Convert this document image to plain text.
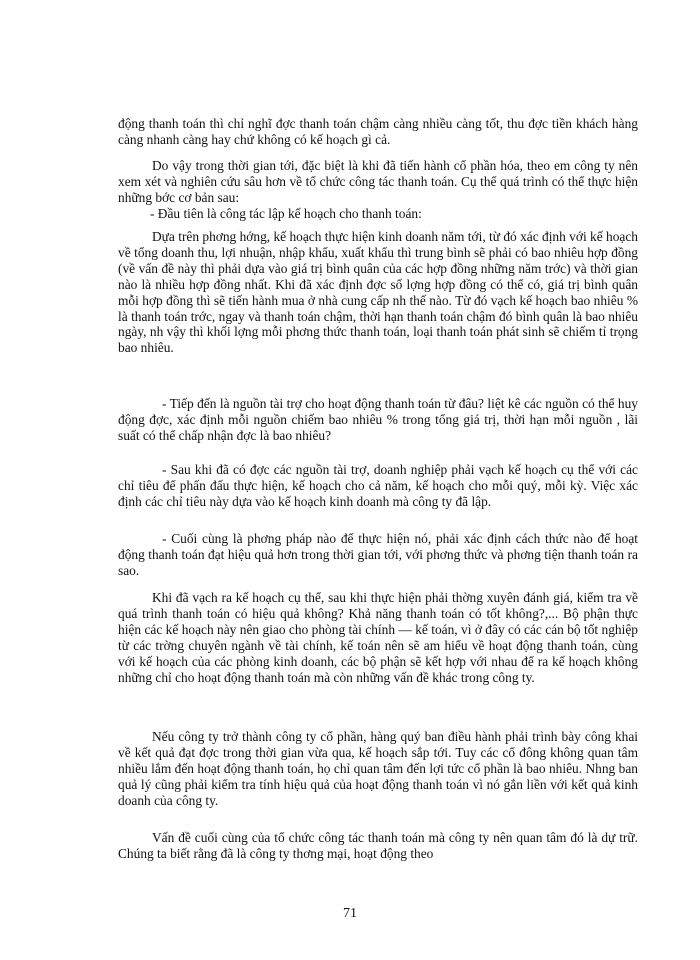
động thanh toán thì chỉ nghĩ đợc thanh toán chậm càng nhiều càng tốt, thu đợc tiền khách hàng càng nhanh càng hay chứ không có kế hoạch gì cả.

Do vậy trong thời gian tới, đặc biệt là khi đã tiến hành cổ phần hóa, theo em công ty nên xem xét và nghiên cứu sâu hơn về tổ chức công tác thanh toán. Cụ thể quá trình có thể thực hiện những bớc cơ bản sau:

- Đầu tiên là công tác lập kế hoạch cho thanh toán:

Dựa trên phơng hớng, kế hoạch thực hiện kinh doanh năm tới, từ đó xác định với kế hoạch về tổng doanh thu, lợi nhuận, nhập khẩu, xuất khẩu thì trung bình sẽ phải có bao nhiêu hợp đồng (về vấn đề này thì phải dựa vào giá trị bình quân của các hợp đồng những năm trớc) và thời gian nào là nhiều hợp đồng nhất. Khi đã xác định đợc số lợng hợp đồng có thể có, giá trị bình quân mỗi hợp đồng thì sẽ tiến hành mua ở nhà cung cấp nh thế nào. Từ đó vạch kế hoạch bao nhiêu % là thanh toán trớc, ngay và thanh toán chậm, thời hạn thanh toán chậm đó bình quân là bao nhiêu ngày, nh vậy thì khối lợng mỗi phơng thức thanh toán, loại thanh toán phát sinh sẽ chiếm tỉ trọng bao nhiêu.

- Tiếp đến là nguồn tài trợ cho hoạt động thanh toán từ đâu? liệt kê các nguồn có thể huy động đợc, xác định mỗi nguồn chiếm bao nhiêu % trong tổng giá trị, thời hạn mỗi nguồn , lãi suất có thể chấp nhận đợc là bao nhiêu?

- Sau khi đã có đợc các nguồn tài trợ, doanh nghiệp phải vạch kế hoạch cụ thể với các chỉ tiêu để phấn đấu thực hiện, kế hoạch cho cả năm, kế hoạch cho mỗi quý, mỗi kỳ. Việc xác định các chỉ tiêu này dựa vào kế hoạch kinh doanh mà công ty đã lập.

- Cuối cùng là phơng pháp nào để thực hiện nó, phải xác định cách thức nào để hoạt động thanh toán đạt hiệu quả hơn trong thời gian tới, với phơng thức và phơng tiện thanh toán ra sao.

Khi đã vạch ra kế hoạch cụ thể, sau khi thực hiện phải thờng xuyên đánh giá, kiểm tra về quá trình thanh toán có hiệu quả không? Khả năng thanh toán có tốt không?,... Bộ phận thực hiện các kế hoạch này nên giao cho phòng tài chính — kế toán, vì ở đây có các cán bộ tốt nghiệp từ các trờng chuyên ngành về tài chính, kế toán nên sẽ am hiểu về hoạt động thanh toán, cùng với kế hoạch của các phòng kinh doanh, các bộ phận sẽ kết hợp với nhau để ra kế hoạch không những chỉ cho hoạt động thanh toán mà còn những vấn đề khác trong công ty.

Nếu công ty trở thành công ty cổ phần, hàng quý ban điều hành phải trình bày công khai về kết quả đạt đợc trong thời gian vừa qua, kế hoạch sắp tới. Tuy các cổ đông không quan tâm nhiều lắm đến hoạt động thanh toán, họ chỉ quan tâm đến lợi tức cổ phần là bao nhiêu. Nhng ban quả lý cũng phải kiểm tra tính hiệu quả của hoạt động thanh toán vì nó gắn liền với kết quả kinh doanh của công ty.

Vấn đề cuối cùng của tổ chức công tác thanh toán mà công ty nên quan tâm đó là dự trữ. Chúng ta biết rằng đã là công ty thơng mại, hoạt động theo

71
